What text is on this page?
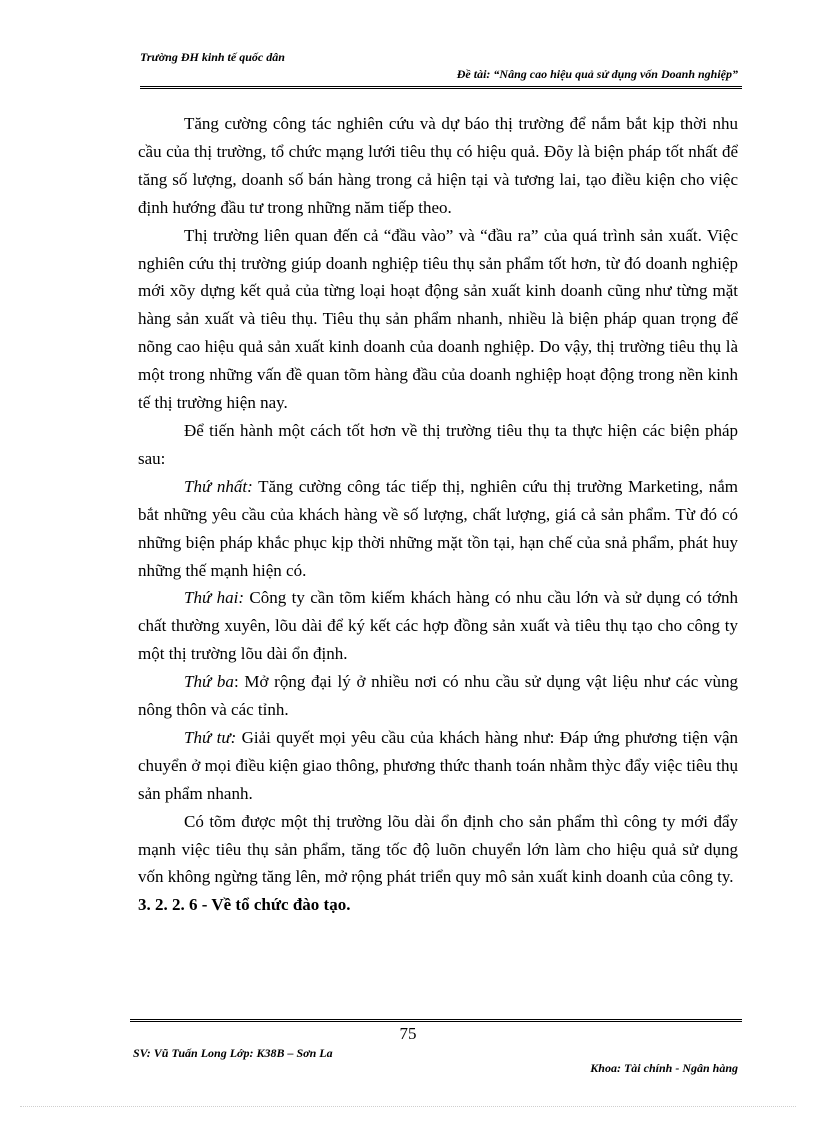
Trường ĐH kinh tế quốc dân
Đề tài: “Nâng cao hiệu quả sử dụng vốn Doanh nghiệp”

Tăng cường công tác nghiên cứu và dự báo thị trường để nắm bắt kịp thời nhu cầu của thị trường, tổ chức mạng lưới tiêu thụ có hiệu quả. Đõy là biện pháp tốt nhất để tăng số lượng, doanh số bán hàng trong cả hiện tại và tương lai, tạo điều kiện cho việc định hướng đầu tư trong những năm tiếp theo.

Thị trường liên quan đến cả “đầu vào” và “đầu ra” của quá trình sản xuất. Việc nghiên cứu thị trường giúp doanh nghiệp tiêu thụ sản phẩm tốt hơn, từ đó doanh nghiệp mới xõy dựng kết quả của từng loại hoạt động sản xuất kinh doanh cũng như từng mặt hàng sản xuất và tiêu thụ. Tiêu thụ sản phẩm nhanh, nhiều là biện pháp quan trọng để nõng cao hiệu quả sản xuất kinh doanh của doanh nghiệp. Do vậy, thị trường tiêu thụ là một trong những vấn đề quan tõm hàng đầu của doanh nghiệp hoạt động trong nền kinh tế thị trường hiện nay.

Để tiến hành một cách tốt hơn về thị trường tiêu thụ ta thực hiện các biện pháp sau:

Thứ nhất: Tăng cường công tác tiếp thị, nghiên cứu thị trường Marketing, nắm bắt những yêu cầu của khách hàng về số lượng, chất lượng, giá cả sản phẩm. Từ đó có những biện pháp khắc phục kịp thời những mặt tồn tại, hạn chế của snả phẩm, phát huy những thế mạnh hiện có.

Thứ hai: Công ty cần tõm kiếm khách hàng có nhu cầu lớn và sử dụng có tớnh chất thường xuyên, lõu dài để ký kết các hợp đồng sản xuất và tiêu thụ tạo cho công ty một thị trường lõu dài ổn định.

Thứ ba: Mở rộng đại lý ở nhiều nơi có nhu cầu sử dụng vật liệu như các vùng nông thôn và các tỉnh.

Thứ tư: Giải quyết mọi yêu cầu của khách hàng như: Đáp ứng phương tiện vận chuyển ở mọi điều kiện giao thông, phương thức thanh toán nhằm thỳc đẩy việc tiêu thụ sản phẩm nhanh.

Có tõm được một thị trường lõu dài ổn định cho sản phẩm thì công ty mới đẩy mạnh việc tiêu thụ sản phẩm, tăng tốc độ luõn chuyển lớn làm cho hiệu quả sử dụng vốn không ngừng tăng lên, mở rộng phát triển quy mô sản xuất kinh doanh của công ty.

3. 2. 2. 6 - Về tổ chức đào tạo.
75
SV: Vũ Tuấn Long Lớp: K38B – Sơn La
Khoa: Tài chính - Ngân hàng
